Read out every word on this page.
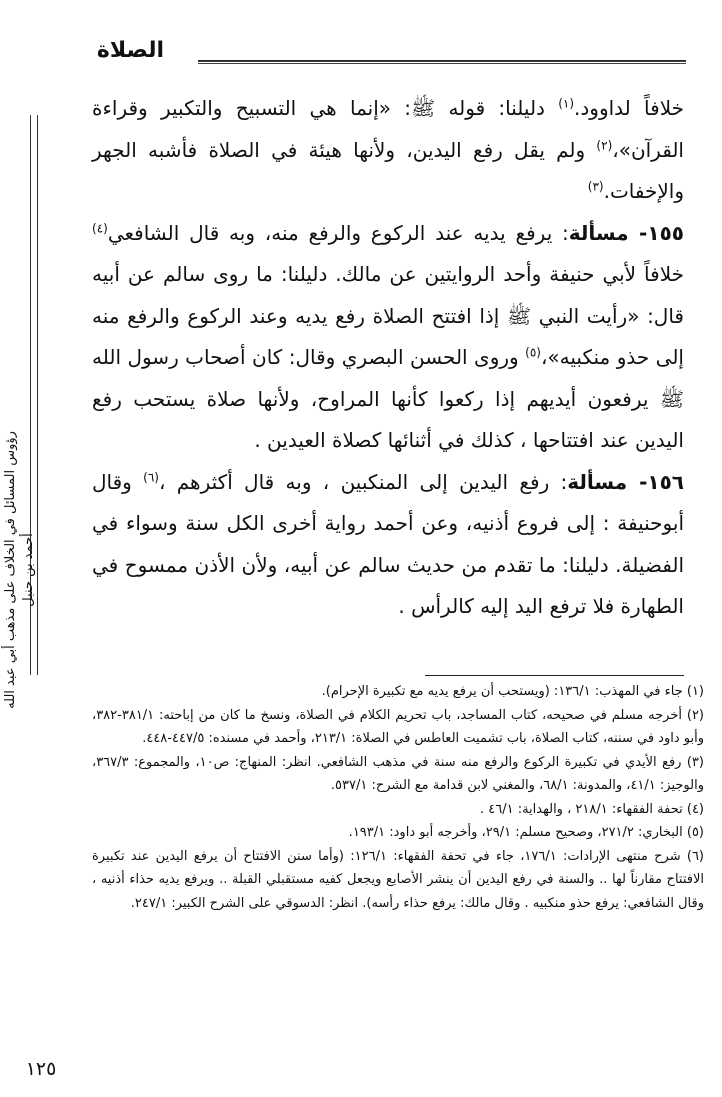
الصلاة
رؤوس المسائل في الخلاف على مذهب أبي عبد الله أحمد بن حنبل

خلافاً لداوود.$^{(١)}$ دليلنا: قوله ﷺ: «إنما هي التسبيح والتكبير وقراءة القرآن»،$^{(٢)}$ ولم يقل رفع اليدين، ولأنها هيئة في الصلاة فأشبه الجهر والإخفات.$^{(٣)}$

١٥٥- مسألة: يرفع يديه عند الركوع والرفع منه، وبه قال الشافعي$^{(٤)}$ خلافاً لأبي حنيفة وأحد الروايتين عن مالك. دليلنا: ما روى سالم عن أبيه قال: «رأيت النبي ﷺ إذا افتتح الصلاة رفع يديه وعند الركوع والرفع منه إلى حذو منكبيه»،$^{(٥)}$ وروى الحسن البصري وقال: كان أصحاب رسول الله ﷺ يرفعون أيديهم إذا ركعوا كأنها المراوح، ولأنها صلاة يستحب رفع اليدين عند افتتاحها ، كذلك في أثنائها كصلاة العيدين .

١٥٦- مسألة: رفع اليدين إلى المنكبين ، وبه قال أكثرهم ،$^{(٦)}$ وقال أبوحنيفة : إلى فروع أذنيه، وعن أحمد رواية أخرى الكل سنة وسواء في الفضيلة. دليلنا: ما تقدم من حديث سالم عن أبيه، ولأن الأذن ممسوح في الطهارة فلا ترفع اليد إليه كالرأس .

(١) جاء في المهذب: ١٣٦/١: (ويستحب أن يرفع يديه مع تكبيرة الإحرام).

(٢) أخرجه مسلم في صحيحه، كتاب المساجد، باب تحريم الكلام في الصلاة، ونسخ ما كان من إباحته: ٣٨١/١-٣٨٢، وأبو داود في سننه، كتاب الصلاة، باب تشميت العاطس في الصلاة: ٢١٣/١، وأحمد في مسنده: ٤٤٧/٥-٤٤٨.

(٣) رفع الأيدي في تكبيرة الركوع والرفع منه سنة في مذهب الشافعي. انظر: المنهاج: ص١٠، والمجموع: ٣٦٧/٣، والوجيز: ٤١/١، والمدونة: ٦٨/١، والمغني لابن قدامة مع الشرح: ٥٣٧/١.

(٤) تحفة الفقهاء: ٢١٨/١ ، والهداية: ٤٦/١ .

(٥) البخاري: ٢٧١/٢، وصحيح مسلم: ٢٩/١، وأخرجه أبو داود: ١٩٣/١.

(٦) شرح منتهى الإرادات: ١٧٦/١، جاء في تحفة الفقهاء: ١٢٦/١: (وأما سنن الافتتاح أن يرفع اليدين عند تكبيرة الافتتاح مقارناً لها .. والسنة في رفع اليدين أن ينشر الأصابع ويجعل كفيه مستقبلي القبلة .. ويرفع يديه حذاء أذنيه ، وقال الشافعي: يرفع حذو منكبيه . وقال مالك: يرفع حذاء رأسه). انظر: الدسوقي على الشرح الكبير: ٢٤٧/١.

١٢٥
